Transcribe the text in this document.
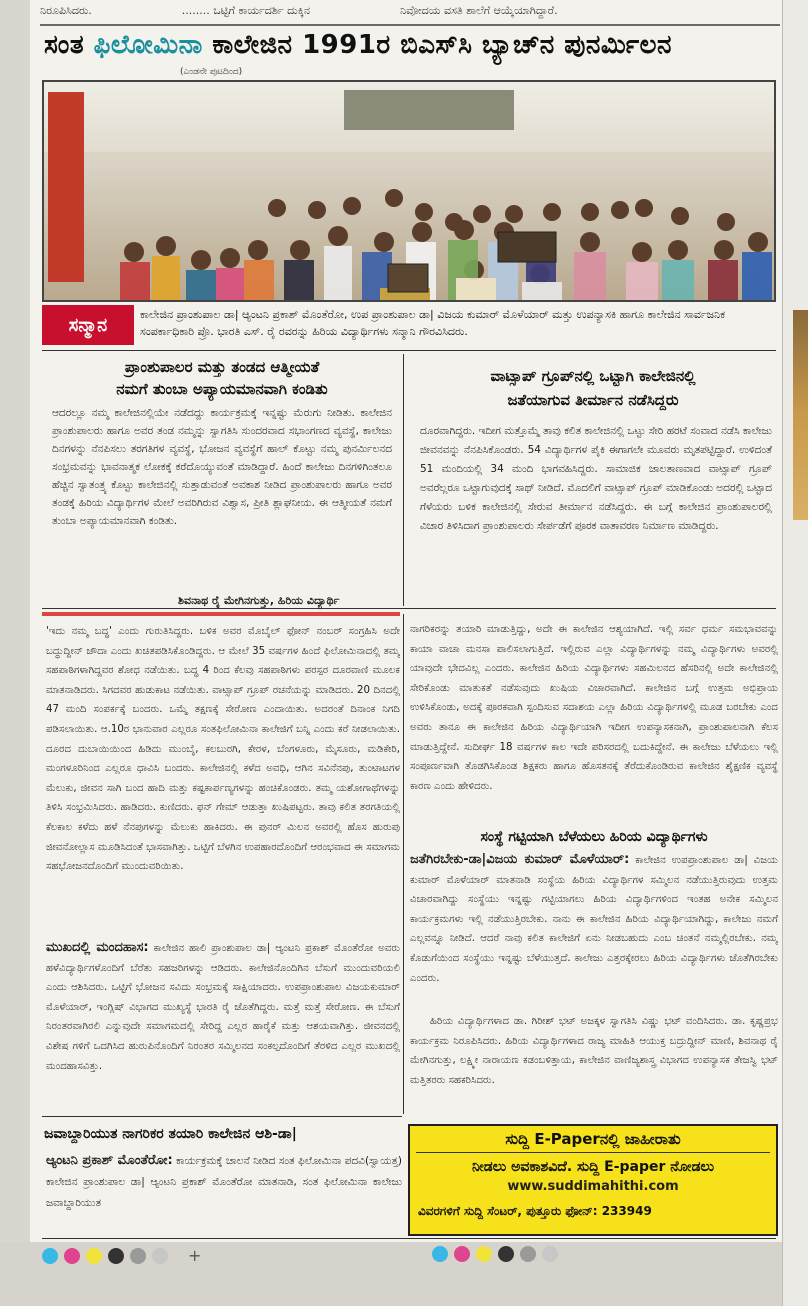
ನಿರೂಪಿಸಿದರು.	........ ಒಟ್ಟಿಗೆ ಕಾರ್ಯದರ್ಶಿ ದುಕ್ಕಿನ	ನಿವೋದಯ ವಸತಿ ಶಾಲೆಗೆ ಆಯ್ಕೆಯಾಗಿದ್ದಾರೆ.
ಸಂತ ಫಿಲೋಮಿನಾ ಕಾಲೇಜಿನ 1991ರ ಬಿಎಸ್‌ಸಿ ಬ್ಯಾಚ್‌ನ ಪುನರ್ಮಿಲನ
(ಎಂಡನೇ ಪುಟದಿಂದ)
ಸನ್ಮಾನ	ಕಾಲೇಜಿನ ಪ್ರಾಂಶುಪಾಲ ಡಾ| ಆ್ಯಂಟನಿ ಪ್ರಕಾಶ್ ಮೊಂತೆರೋ, ಉಪ ಪ್ರಾಂಶುಪಾಲ ಡಾ| ವಿಜಯ ಕುಮಾರ್ ಮೊಳೆಯಾರ್ ಮತ್ತು ಉಪನ್ಯಾಸಕಿ ಹಾಗೂ ಕಾಲೇಜಿನ ಸಾರ್ವಜನಿಕ ಸಂಪರ್ಕಾಧಿಕಾರಿ ಪ್ರೊ. ಭಾರತಿ ಎಸ್. ರೈ ರವರನ್ನು ಹಿರಿಯ ವಿದ್ಯಾರ್ಥಿಗಳು ಸನ್ಮಾನಿ ಗೌರವಿಸಿದರು.
ಪ್ರಾಂಶುಪಾಲರ ಮತ್ತು ತಂಡದ ಆತ್ಮೀಯತೆ
ನಮಗೆ ತುಂಬಾ ಅಪ್ಯಾಯಮಾನವಾಗಿ ಕಂಡಿತು
ಆದರಲ್ಲೂ ನಮ್ಮ ಕಾಲೇಜಿನಲ್ಲಿಯೇ ನಡೆದದ್ದು ಕಾರ್ಯಕ್ರಮಕ್ಕೆ ಇನ್ನಷ್ಟು ಮೆರುಗು ನೀಡಿತು. ಕಾಲೇಜಿನ ಪ್ರಾಂಶುಪಾಲರು ಹಾಗೂ ಅವರ ತಂಡ ನಮ್ಮನ್ನು ಸ್ವಾಗತಿಸಿ ಸುಂದರವಾದ ಸಭಾಂಗಣದ ವ್ಯವಸ್ಥೆ, ಕಾಲೇಜು ದಿನಗಳನ್ನು ನೆನಪಿಸಲು ತರಗತಿಗಳ ವ್ಯವಸ್ಥೆ, ಭೋಜನ ವ್ಯವಸ್ಥೆಗೆ ಹಾಲ್ ಕೊಟ್ಟು ನಮ್ಮ ಪುನರ್ಮಿಲನದ ಸಂಭ್ರಮವನ್ನು ಭಾವನಾತ್ಮಕ ಲೋಕಕ್ಕೆ ಕರೆದೊಯ್ಯುವಂತೆ ಮಾಡಿದ್ದಾರೆ. ಹಿಂದೆ ಕಾಲೇಜು ದಿನಗಳಿಗಿಂತಲೂ ಹೆಚ್ಚಿನ ಸ್ವಾತಂತ್ರ್ಯ ಕೊಟ್ಟು ಕಾಲೇಜಿನಲ್ಲಿ ಸುತ್ತಾಡುವಂತೆ ಅವಕಾಶ ನೀಡಿದ ಪ್ರಾಂಶುಪಾಲರು ಹಾಗೂ ಅವರ ತಂಡಕ್ಕೆ ಹಿರಿಯ ವಿದ್ಯಾರ್ಥಿಗಳ ಮೇಲೆ ಅವರಿಗಿರುವ ವಿಶ್ವಾಸ, ಪ್ರೀತಿ ಶ್ಲಾಘನೀಯ. ಈ ಆತ್ಮೀಯತೆ ನಮಗೆ ತುಂಬಾ ಅಪ್ಯಾಯಮಾನವಾಗಿ ಕಂಡಿತು.
ಶಿವನಾಥ ರೈ ಮೇಗಿನಗುತ್ತು, ಹಿರಿಯ ವಿದ್ಯಾರ್ಥಿ
ವಾಟ್ಸಾಪ್ ಗ್ರೂಪ್‌ನಲ್ಲಿ ಒಟ್ಟಾಗಿ ಕಾಲೇಜಿನಲ್ಲಿ
ಜತೆಯಾಗುವ ತೀರ್ಮಾನ ನಡೆಸಿದ್ದರು
ದೂರವಾಗಿದ್ದರು. ಇದೀಗ ಮತ್ತೊಮ್ಮೆ ತಾವು ಕಲಿತ ಕಾಲೇಜಿನಲ್ಲಿ ಒಟ್ಟು ಸೇರಿ ಹರಟೆ ಸಂವಾದ ನಡೆಸಿ ಕಾಲೇಜು ಜೀವನವನ್ನು ನೆನಪಿಸಿಕೊಂಡರು. 54 ವಿದ್ಯಾರ್ಥಿಗಳ ಪೈಕಿ ಈಗಾಗಲೇ ಮೂವರು ಮೃತಪಟ್ಟಿದ್ದಾರೆ. ಉಳಿದಂತೆ 51 ಮಂದಿಯಲ್ಲಿ 34 ಮಂದಿ ಭಾಗವಹಿಸಿದ್ದರು. ಸಾಮಾಜಿಕ ಜಾಲತಾಣವಾದ ವಾಟ್ಸಾಪ್ ಗ್ರೂಪ್ ಅವರೆಲ್ಲರೂ ಒಟ್ಟಾಗುವುದಕ್ಕೆ ಸಾಥ್ ನೀಡಿದೆ. ಮೊದಲಿಗೆ ವಾಟ್ಸಾಪ್ ಗ್ರೂಪ್ ಮಾಡಿಕೊಂಡು ಅದರಲ್ಲಿ ಒಟ್ಟಾದ ಗೆಳೆಯರು ಬಳಿಕ ಕಾಲೇಜಿನಲ್ಲಿ ಸೇರುವ ತೀರ್ಮಾನ ನಡೆಸಿದ್ದರು. ಈ ಬಗ್ಗೆ ಕಾಲೇಜಿನ ಪ್ರಾಂಶುಪಾಲರಲ್ಲಿ ವಿಚಾರ ತಿಳಿಸಿದಾಗ ಪ್ರಾಂಶುಪಾಲರು ಸೇರ್ಪಡೆಗೆ ಪೂರಕ ವಾತಾವರಣ ನಿರ್ಮಾಣ ಮಾಡಿದ್ದರು.
'ಇದು ನಮ್ಮ ಬದ್ಧ' ಎಂದು ಗುರುತಿಸಿದ್ದರು. ಬಳಿಕ ಅವರ ಮೊಬೈಲ್ ಫೋನ್ ನಂಬರ್ ಸಂಗ್ರಹಿಸಿ ಅದೇ ಬದ್ಧುದ್ದೀನ್ ಜೌದಾ ಎಂದು ಖಚಿತಪಡಿಸಿಕೊಂಡಿದ್ದರು. ಆ ಮೇಲೆ 35 ವರ್ಷಗಳ ಹಿಂದೆ ಫಿಲೋಮಿನಾದಲ್ಲಿ ತಮ್ಮ ಸಹಪಾಠಿಗಳಾಗಿದ್ದವರ ಶೋಧ ನಡೆಯಿತು. ಬದ್ಧ 4 ರಿಂದ ಕೆಲವು ಸಹಪಾಠಿಗಳು ಪರಸ್ಪರ ದೂರವಾಣಿ ಮೂಲಕ ಮಾತನಾಡಿದರು. ಸಿಗದವರ ಹುಡುಕಾಟ ನಡೆಯಿತು. ವಾಟ್ಸಾಪ್ ಗ್ರೂಪ್ ರಚನೆಯನ್ನು ಮಾಡಿದರು. 20 ದಿನದಲ್ಲಿ 47 ಮಂದಿ ಸಂಪರ್ಕಕ್ಕೆ ಬಂದರು. ಒಮ್ಮೆ ತಕ್ಷಣಕ್ಕೆ ಸೇರೋಣ ಎಂದಾಯಿತು. ಅದರಂತೆ ದಿನಾಂಕ ನಿಗದಿ ಪಡಿಸಲಾಯಿತು. ಆ.10ರ ಭಾನುವಾರ ಎಲ್ಲರೂ ಸಂತಫಿಲೋಮಿನಾ ಕಾಲೇಜಿಗೆ ಬನ್ನಿ ಎಂದು ಕರೆ ನೀಡಲಾಯಿತು. ದೂರದ ದುಬಾಯಿಯಿಂದ ಹಿಡಿದು ಮುಂಬೈ, ಕಲಬುರಗಿ, ಕೇರಳ, ಬೆಂಗಳೂರು, ಮೈಸೂರು, ಮಡಿಕೇರಿ, ಮಂಗಳೂರಿನಿಂದ ಎಲ್ಲರೂ ಧಾವಿಸಿ ಬಂದರು. ಕಾಲೇಜಿನಲ್ಲಿ ಕಳೆದ ಅವಧಿ, ಆಗಿನ ಸವಿನೆನಪು, ತುಂಟಾಟಗಳ ಮೆಲುಕು, ಜೀವನ ಸಾಗಿ ಬಂದ ಹಾದಿ ಮತ್ತು ಕಷ್ಟಕಾರ್ಪಣ್ಯಗಳನ್ನು ಹಂಚಿಕೊಂಡರು. ತಮ್ಮ ಯಶೋಗಾಥೆಗಳನ್ನು ತಿಳಿಸಿ ಸಂಭ್ರಮಿಸಿದರು. ಹಾಡಿದರು. ಕುಣಿದರು. ಫನ್ ಗೇಮ್ ಆಡುತ್ತಾ ಖುಷಿಪಟ್ಟರು. ತಾವು ಕಲಿತ ತರಗತಿಯಲ್ಲಿ ಕೆಲಕಾಲ ಕಳೆದು ಹಳೆ ನೆನಪುಗಳನ್ನು ಮೆಲುಕು ಹಾಕಿದರು. ಈ ಪುನರ್ ಮಿಲನ ಅವರಲ್ಲಿ ಹೊಸ ಹುರುಪು ಜೀವನೋಲ್ಲಾಸ ಮೂಡಿಸಿದಂತೆ ಭಾಸವಾಗಿತ್ತು. ಒಟ್ಟಿಗೆ ಬೆಳಗಿನ ಉಪಹಾರದೊಂದಿಗೆ ಆರಂಭವಾದ ಈ ಸಮಾಗಮ ಸಹಭೋಜನದೊಂದಿಗೆ ಮುಂದುವರಿಯಿತು.
ಮುಖದಲ್ಲಿ ಮಂದಹಾಸ: ಕಾಲೇಜಿನ ಹಾಲಿ ಪ್ರಾಂಶುಪಾಲ ಡಾ| ಆ್ಯಂಟನಿ ಪ್ರಕಾಶ್ ಮೊಂತೆರೋ ಅವರು ಹಳೆವಿದ್ಯಾರ್ಥಿಗಳೊಂದಿಗೆ ಬೆರೆತು ಸಹಜರಿಗಳನ್ನು ಆಡಿದರು. ಕಾಲೇಜಿನೊಂದಿಗಿನ ಬೆಸುಗೆ ಮುಂದುವರಿಯಲಿ ಎಂದು ಆಶಿಸಿದರು. ಒಟ್ಟಿಗೆ ಭೋಜನ ಸವಿದು ಸಂಭ್ರಮಕ್ಕೆ ಸಾಕ್ಷಿಯಾದರು. ಉಪಪ್ರಾಂಶುಪಾಲ ವಿಜಯಕುಮಾರ್ ಮೊಳೆಯಾರ್, ಇಂಗ್ಲಿಷ್ ವಿಭಾಗದ ಮುಖ್ಯಸ್ಥೆ ಭಾರತಿ ರೈ ಜೊತೆಗಿದ್ದರು. ಮತ್ತೆ ಮತ್ತೆ ಸೇರೋಣ. ಈ ಬೆಸುಗೆ ನಿರಂತರವಾಗಿರಲಿ ಎನ್ನುವುದೇ ಸಮಾಗಮದಲ್ಲಿ ಸೇರಿದ್ದ ಎಲ್ಲರ ಹಾರೈಕೆ ಮತ್ತು ಆಶಯವಾಗಿತ್ತು. ಜೀವನದಲ್ಲಿ ವಿಶೇಷ ಗಳಿಗೆ ಒದಗಿಸಿದ ಹುರುಪಿನೊಂದಿಗೆ ನಿರಂತರ ಸಮ್ಮಿಲನದ ಸಂಕಲ್ಪದೊಂದಿಗೆ ತೆರಳಿದ ಎಲ್ಲರ ಮುಖದಲ್ಲಿ ಮಂದಹಾಸವಿತ್ತು.
ನಾಗರಿಕರನ್ನು ತಯಾರಿ ಮಾಡುತ್ತಿದ್ದು, ಅದೇ ಈ ಕಾಲೇಜಿನ ಆಶ್ಯಯಾಗಿದೆ. ಇಲ್ಲಿ ಸರ್ವ ಧರ್ಮ ಸಮಭಾವವನ್ನು ಕಾಯಾ ವಾಚಾ ಮನಸಾ ಪಾಲಿಸಲಾಗುತ್ತಿದೆ. ಇಲ್ಲಿರುವ ಎಲ್ಲಾ ವಿದ್ಯಾರ್ಥಿಗಳನ್ನು ನಮ್ಮ ವಿದ್ಯಾರ್ಥಿಗಳು ಅವರಲ್ಲಿ ಯಾವುದೇ ಭೇದವಿಲ್ಲ ಎಂದರು. ಕಾಲೇಜಿನ ಹಿರಿಯ ವಿದ್ಯಾರ್ಥಿಗಳು ಸಹಮಿಲನದ ಹೆಸರಿನಲ್ಲಿ ಅದೇ ಕಾಲೇಜಿನಲ್ಲಿ ಸೇರಿಕೊಂಡು ಮಾತುಕತೆ ನಡೆಸುವುದು ಖುಷಿಯ ವಿಚಾರವಾಗಿದೆ. ಕಾಲೇಜಿನ ಬಗ್ಗೆ ಉತ್ತಮ ಅಭಿಪ್ರಾಯ ಉಳಿಸಿಕೊಂಡು, ಅದಕ್ಕೆ ಪೂರಕವಾಗಿ ಸ್ಪಂದಿಸುವ ಸದಾಶಯ ಎಲ್ಲಾ ಹಿರಿಯ ವಿದ್ಯಾರ್ಥಿಗಳಲ್ಲಿ ಮೂಡ ಬರಬೇಕು ಎಂದ ಅವರು ತಾನೂ ಈ ಕಾಲೇಜಿನ ಹಿರಿಯ ವಿದ್ಯಾರ್ಥಿಯಾಗಿ ಇದೀಗ ಉಪನ್ಯಾಸಕನಾಗಿ, ಪ್ರಾಂಶುಪಾಲನಾಗಿ ಕೆಲಸ ಮಾಡುತ್ತಿದ್ದೇನೆ. ಸುದೀರ್ಘ 18 ವರ್ಷಗಳ ಕಾಲ ಇದೇ ಪರಿಸರದಲ್ಲಿ ಬದುಕಿದ್ದೇನೆ. ಈ ಕಾಲೇಜು ಬೆಳೆಯಲು ಇಲ್ಲಿ ಸಂಪೂರ್ಣವಾಗಿ ತೊಡಗಿಸಿಕೊಂಡ ಶಿಕ್ಷಕರು ಹಾಗೂ ಹೊಸತನಕ್ಕೆ ತೆರೆದುಕೊಂಡಿರುವ ಕಾಲೇಜಿನ ಶೈಕ್ಷಣಿಕ ವ್ಯವಸ್ಥೆ ಕಾರಣ ಎಂದು ಹೇಳಿದರು.
ಸಂಸ್ಥೆ ಗಟ್ಟಿಯಾಗಿ ಬೆಳೆಯಲು ಹಿರಿಯ ವಿದ್ಯಾರ್ಥಿಗಳು
ಜತೆಗಿರಬೇಕು-ಡಾ|ವಿಜಯ ಕುಮಾರ್ ಮೊಳೆಯಾರ್: ಕಾಲೇಜಿನ ಉಪಪ್ರಾಂಶುಪಾಲ ಡಾ| ವಿಜಯ ಕುಮಾರ್ ಮೊಳೆಯಾರ್ ಮಾತನಾಡಿ ಸಂಸ್ಥೆಯ ಹಿರಿಯ ವಿದ್ಯಾರ್ಥಿಗಳ ಸಮ್ಮಿಲನ ನಡೆಯುತ್ತಿರುವುದು ಉತ್ತಮ ವಿಚಾರವಾಗಿದ್ದು ಸಂಸ್ಥೆಯು ಇನ್ನಷ್ಟು ಗಟ್ಟಿಯಾಗಲು ಹಿರಿಯ ವಿದ್ಯಾರ್ಥಿಗಳಿಂದ ಇಂತಹ ಅನೇಕ ಸಮ್ಮಿಲನ ಕಾರ್ಯಕ್ರಮಗಳು ಇಲ್ಲಿ ನಡೆಯುತ್ತಿರಬೇಕು. ನಾನು ಈ ಕಾಲೇಜಿನ ಹಿರಿಯ ವಿದ್ಯಾರ್ಥಿಯಾಗಿದ್ದು, ಕಾಲೇಜು ನಮಗೆ ಎಲ್ಲವನ್ನೂ ನೀಡಿದೆ. ಆದರೆ ನಾವು ಕಲಿತ ಕಾಲೇಜಿಗೆ ಏನು ನೀಡಬಹುದು ಎಂಬ ಚಿಂತನೆ ನಮ್ಮಲ್ಲಿರಬೇಕು. ನಮ್ಮ ಕೊಡುಗೆಯಿಂದ ಸಂಸ್ಥೆಯು ಇನ್ನಷ್ಟು ಬೆಳೆಯುತ್ತದೆ. ಕಾಲೇಜು ಎತ್ತರಕ್ಕೇರಲು ಹಿರಿಯ ವಿದ್ಯಾರ್ಥಿಗಳು ಜೊತೆಗಿರಬೇಕು ಎಂದರು.
ಹಿರಿಯ ವಿದ್ಯಾರ್ಥಿಗಳಾದ ಡಾ. ಗಿರೀಶ್ ಭಟ್ ಅಜಕ್ಕಳ ಸ್ವಾಗತಿಸಿ ವಿಷ್ಣು ಭಟ್ ವಂದಿಸಿದರು. ಡಾ. ಕೃಷ್ಣಪ್ರಭ ಕಾರ್ಯಕ್ರಮ ನಿರೂಪಿಸಿದರು. ಹಿರಿಯ ವಿದ್ಯಾರ್ಥಿಗಳಾದ ರಾಜ್ಯ ಮಾಹಿತಿ ಆಯುಕ್ತ ಬದ್ರುದ್ದೀನ್ ಮಾಣಿ, ಶಿವನಾಥ ರೈ ಮೇಗಿನಗುತ್ತು, ಲಕ್ಷ್ಮೀ ನಾರಾಯಣ ಕಡಂಬಳಿತ್ತಾಯ, ಕಾಲೇಜಿನ ವಾಣಿಜ್ಯಶಾಸ್ತ್ರ ವಿಭಾಗದ ಉಪನ್ಯಾಸಕ ತೇಜಸ್ವಿ ಭಟ್ ಮತ್ತಿತರರು ಸಹಕರಿಸಿದರು.
ಜವಾಬ್ದಾರಿಯುತ ನಾಗರಿಕರ ತಯಾರಿ ಕಾಲೇಜಿನ ಆಶಿ-ಡಾ|
ಆ್ಯಂಟನಿ ಪ್ರಕಾಶ್ ಮೊಂತೆರೋ: ಕಾರ್ಯಕ್ರಮಕ್ಕೆ ಚಾಲನೆ ನೀಡಿದ ಸಂತ ಫಿಲೋಮಿನಾ ಪದವಿ(ಸ್ವಾಯತ್ತ) ಕಾಲೇಜಿನ ಪ್ರಾಂಶುಪಾಲ ಡಾ| ಆ್ಯಂಟನಿ ಪ್ರಕಾಶ್ ಮೊಂತೆರೋ ಮಾತನಾಡಿ, ಸಂತ ಫಿಲೋಮಿನಾ ಕಾಲೇಜು ಜವಾಬ್ದಾರಿಯುತ
ಸುದ್ದಿ E-Paperನಲ್ಲಿ ಜಾಹೀರಾತು
ನೀಡಲು ಅವಕಾಶವಿದೆ. ಸುದ್ದಿ E-paper ನೋಡಲು
www.suddimahithi.com
ವಿವರಗಳಿಗೆ ಸುದ್ದಿ ಸೆಂಟರ್, ಪುತ್ತೂರು ಫೋನ್: 233949
+
